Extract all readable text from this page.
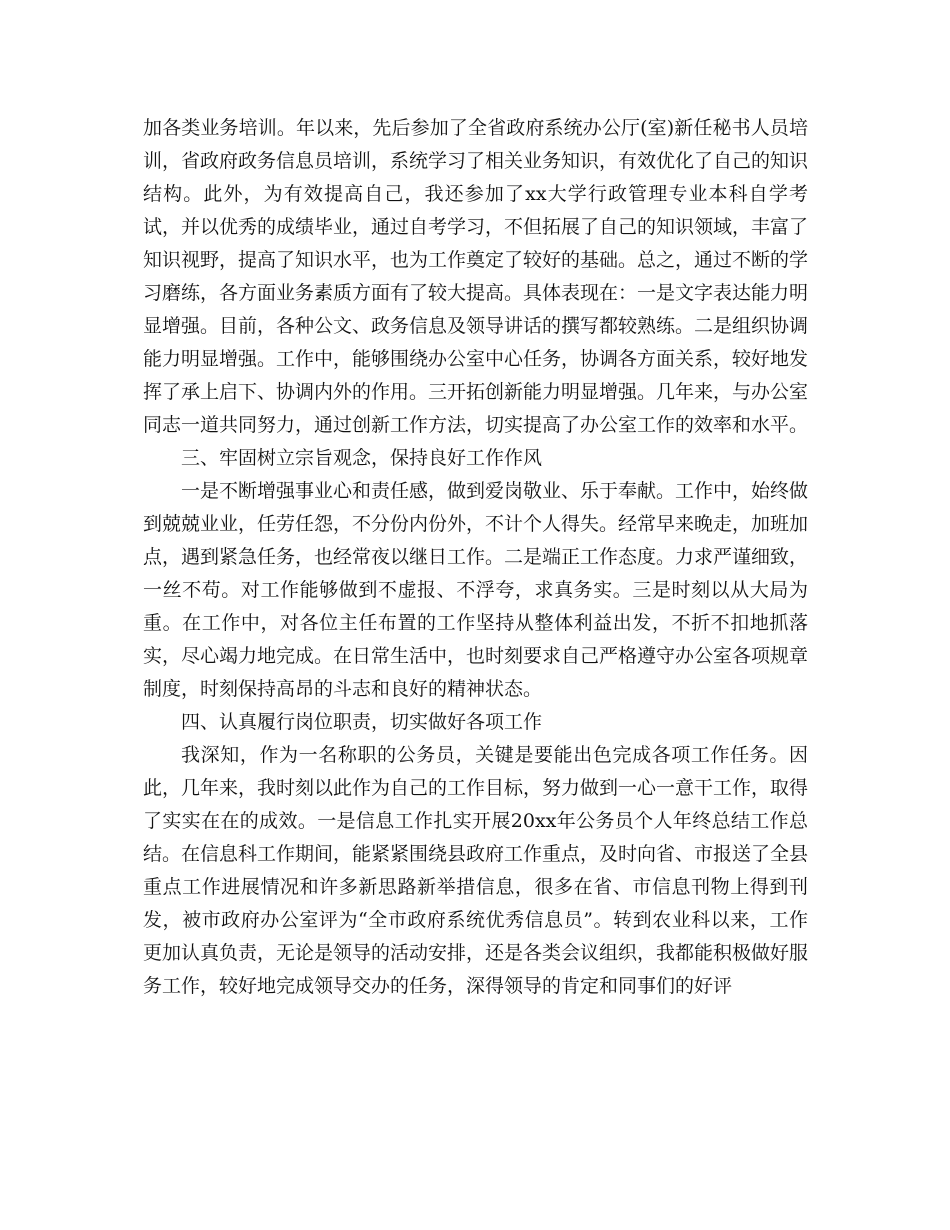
加各类业务培训。年以来，先后参加了全省政府系统办公厅(室)新任秘书人员培训，省政府政务信息员培训，系统学习了相关业务知识，有效优化了自己的知识结构。此外，为有效提高自己，我还参加了xx大学行政管理专业本科自学考试，并以优秀的成绩毕业，通过自考学习，不但拓展了自己的知识领域，丰富了知识视野，提高了知识水平，也为工作奠定了较好的基础。总之，通过不断的学习磨练，各方面业务素质方面有了较大提高。具体表现在：一是文字表达能力明显增强。目前，各种公文、政务信息及领导讲话的撰写都较熟练。二是组织协调能力明显增强。工作中，能够围绕办公室中心任务，协调各方面关系，较好地发挥了承上启下、协调内外的作用。三开拓创新能力明显增强。几年来，与办公室同志一道共同努力，通过创新工作方法，切实提高了办公室工作的效率和水平。

三、牢固树立宗旨观念，保持良好工作作风

一是不断增强事业心和责任感，做到爱岗敬业、乐于奉献。工作中，始终做到兢兢业业，任劳任怨，不分份内份外，不计个人得失。经常早来晚走，加班加点，遇到紧急任务，也经常夜以继日工作。二是端正工作态度。力求严谨细致，一丝不苟。对工作能够做到不虚报、不浮夸，求真务实。三是时刻以从大局为重。在工作中，对各位主任布置的工作坚持从整体利益出发，不折不扣地抓落实，尽心竭力地完成。在日常生活中，也时刻要求自己严格遵守办公室各项规章制度，时刻保持高昂的斗志和良好的精神状态。

四、认真履行岗位职责，切实做好各项工作

我深知，作为一名称职的公务员，关键是要能出色完成各项工作任务。因此，几年来，我时刻以此作为自己的工作目标，努力做到一心一意干工作，取得了实实在在的成效。一是信息工作扎实开展20xx年公务员个人年终总结工作总结。在信息科工作期间，能紧紧围绕县政府工作重点，及时向省、市报送了全县重点工作进展情况和许多新思路新举措信息，很多在省、市信息刊物上得到刊发，被市政府办公室评为“全市政府系统优秀信息员”。转到农业科以来，工作更加认真负责，无论是领导的活动安排，还是各类会议组织，我都能积极做好服务工作，较好地完成领导交办的任务，深得领导的肯定和同事们的好评
